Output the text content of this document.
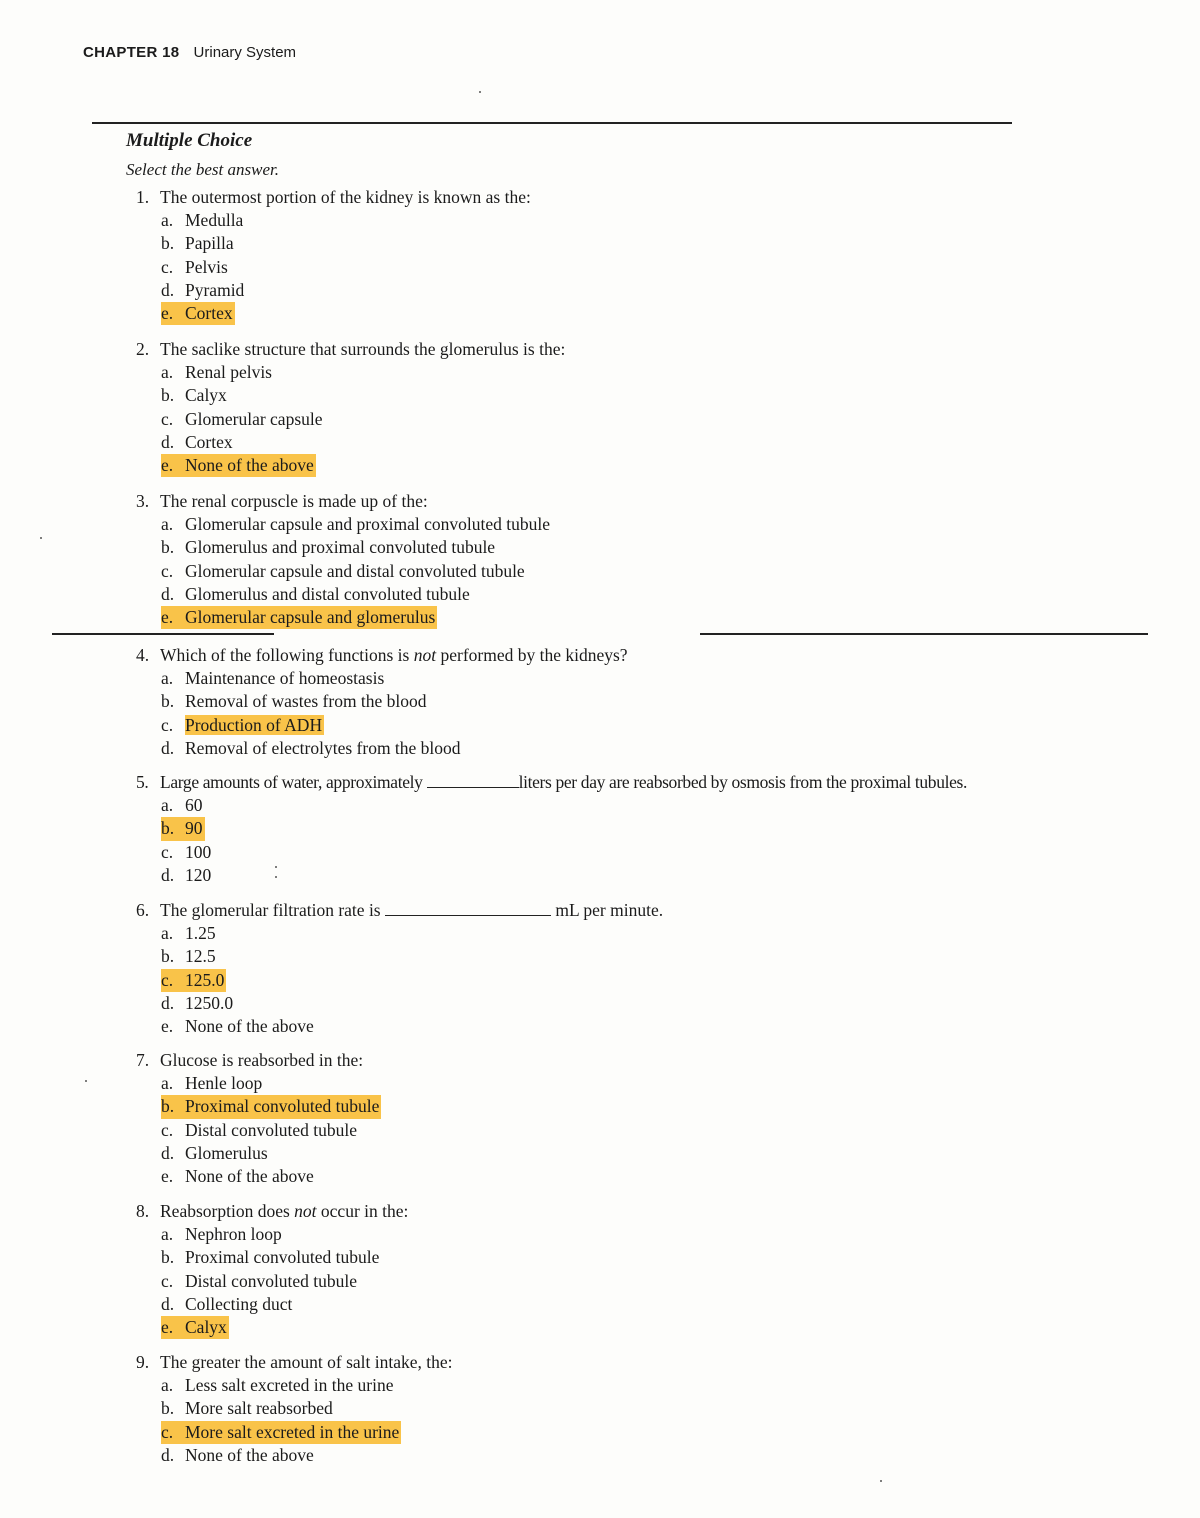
CHAPTER 18 Urinary System
Multiple Choice
Select the best answer.
1. The outermost portion of the kidney is known as the:
a. Medulla
b. Papilla
c. Pelvis
d. Pyramid
e. Cortex
2. The saclike structure that surrounds the glomerulus is the:
a. Renal pelvis
b. Calyx
c. Glomerular capsule
d. Cortex
e. None of the above
3. The renal corpuscle is made up of the:
a. Glomerular capsule and proximal convoluted tubule
b. Glomerulus and proximal convoluted tubule
c. Glomerular capsule and distal convoluted tubule
d. Glomerulus and distal convoluted tubule
e. Glomerular capsule and glomerulus
4. Which of the following functions is not performed by the kidneys?
a. Maintenance of homeostasis
b. Removal of wastes from the blood
c. Production of ADH
d. Removal of electrolytes from the blood
5. Large amounts of water, approximately	liters per day are reabsorbed by osmosis from the proximal tubules.
a. 60
b. 90

c. 100
d. 120
6. The glomerular filtration rate is	mL per minute.
a. 1.25
b. 12.5
c. 125.0

d. 1250.0
e. None of the above
7. Glucose is reabsorbed in the:
a. Henle loop
b. Proximal convoluted tubule

c. Distal convoluted tubule
d. Glomerulus
e. None of the above
8. Reabsorption does not occur in the:
a. Nephron loop
b. Proximal convoluted tubule
c. Distal convoluted tubule
d. Collecting duct
e. Calyx
9. The greater the amount of salt intake, the:
a. Less salt excreted in the urine
b. More salt reabsorbed
c. More salt excreted in the urine

d. None of the above
